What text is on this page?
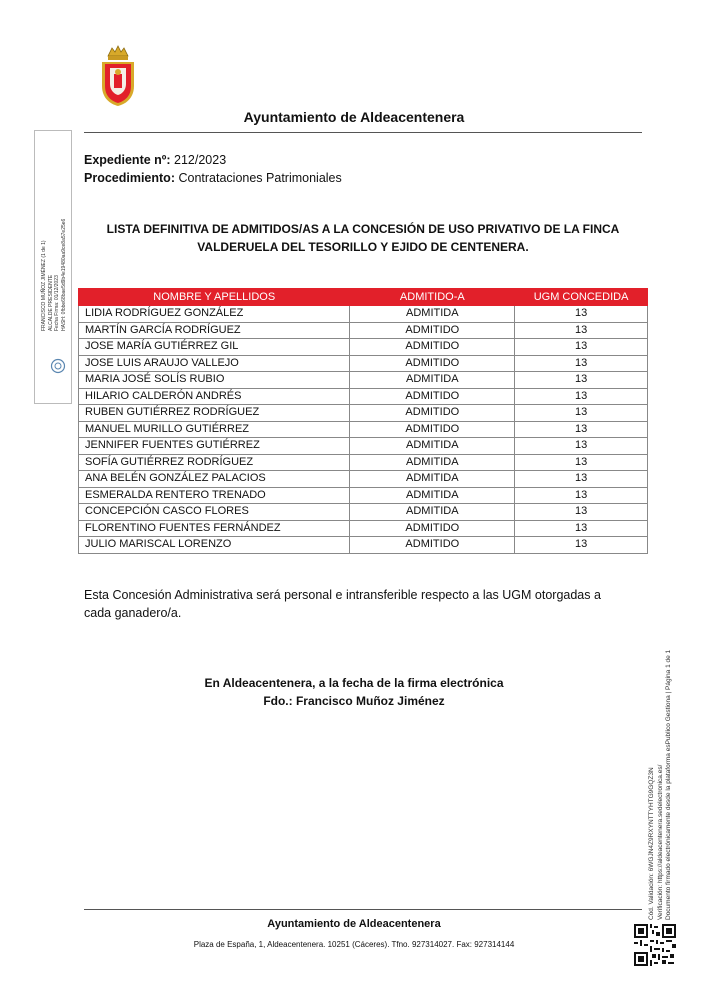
Ayuntamiento de Aldeacentenera
Expediente nº: 212/2023
Procedimiento: Contrataciones Patrimoniales
LISTA DEFINITIVA DE ADMITIDOS/AS A LA CONCESIÓN DE USO PRIVATIVO DE LA FINCA
VALDERUELA DEL TESORILLO Y EJIDO DE CENTENERA.
NOMBRE Y APELLIDOS	ADMITIDO-A	UGM CONCEDIDA
LIDIA RODRÍGUEZ GONZÁLEZ	ADMITIDA	13
MARTÍN GARCÍA RODRÍGUEZ	ADMITIDO	13
JOSE MARÍA GUTIÉRREZ GIL	ADMITIDO	13
JOSE LUIS ARAUJO VALLEJO	ADMITIDO	13
MARIA JOSÉ SOLÍS RUBIO	ADMITIDA	13
HILARIO CALDERÓN ANDRÉS	ADMITIDO	13
RUBEN GUTIÉRREZ RODRÍGUEZ	ADMITIDO	13
MANUEL MURILLO GUTIÉRREZ	ADMITIDO	13
JENNIFER FUENTES GUTIÉRREZ	ADMITIDA	13
SOFÍA GUTIÉRREZ RODRÍGUEZ	ADMITIDA	13
ANA BELÉN GONZÁLEZ PALACIOS	ADMITIDA	13
ESMERALDA RENTERO TRENADO	ADMITIDA	13
CONCEPCIÓN CASCO FLORES	ADMITIDA	13
FLORENTINO FUENTES FERNÁNDEZ	ADMITIDO	13
JULIO MARISCAL LORENZO	ADMITIDO	13
Esta Concesión Administrativa será personal e intransferible respecto a las UGM otorgadas a
cada ganadero/a.
En Aldeacentenera, a la fecha de la firma electrónica
Fdo.: Francisco Muñoz Jiménez
Ayuntamiento de Aldeacentenera
Plaza de España, 1, Aldeacentenera. 10251 (Cáceres). Tfno. 927314027. Fax: 927314144
FRANCISCO MUÑOZ JIMÉNEZ (1 de 1) ALCALDE PRESIDENTE Fecha Firma: 01/12/2023 HASH: 0fbbe68bae5d9b4e19480aa9ce8a57e25e6
Cód. Validación: 6WGJN4Z9RXYNTTYHTG9GQZ3N Verificación: https://aldeacentenera.sedelectronica.es/ Documento firmado electrónicamente desde la plataforma esPublico Gestiona | Página 1 de 1
